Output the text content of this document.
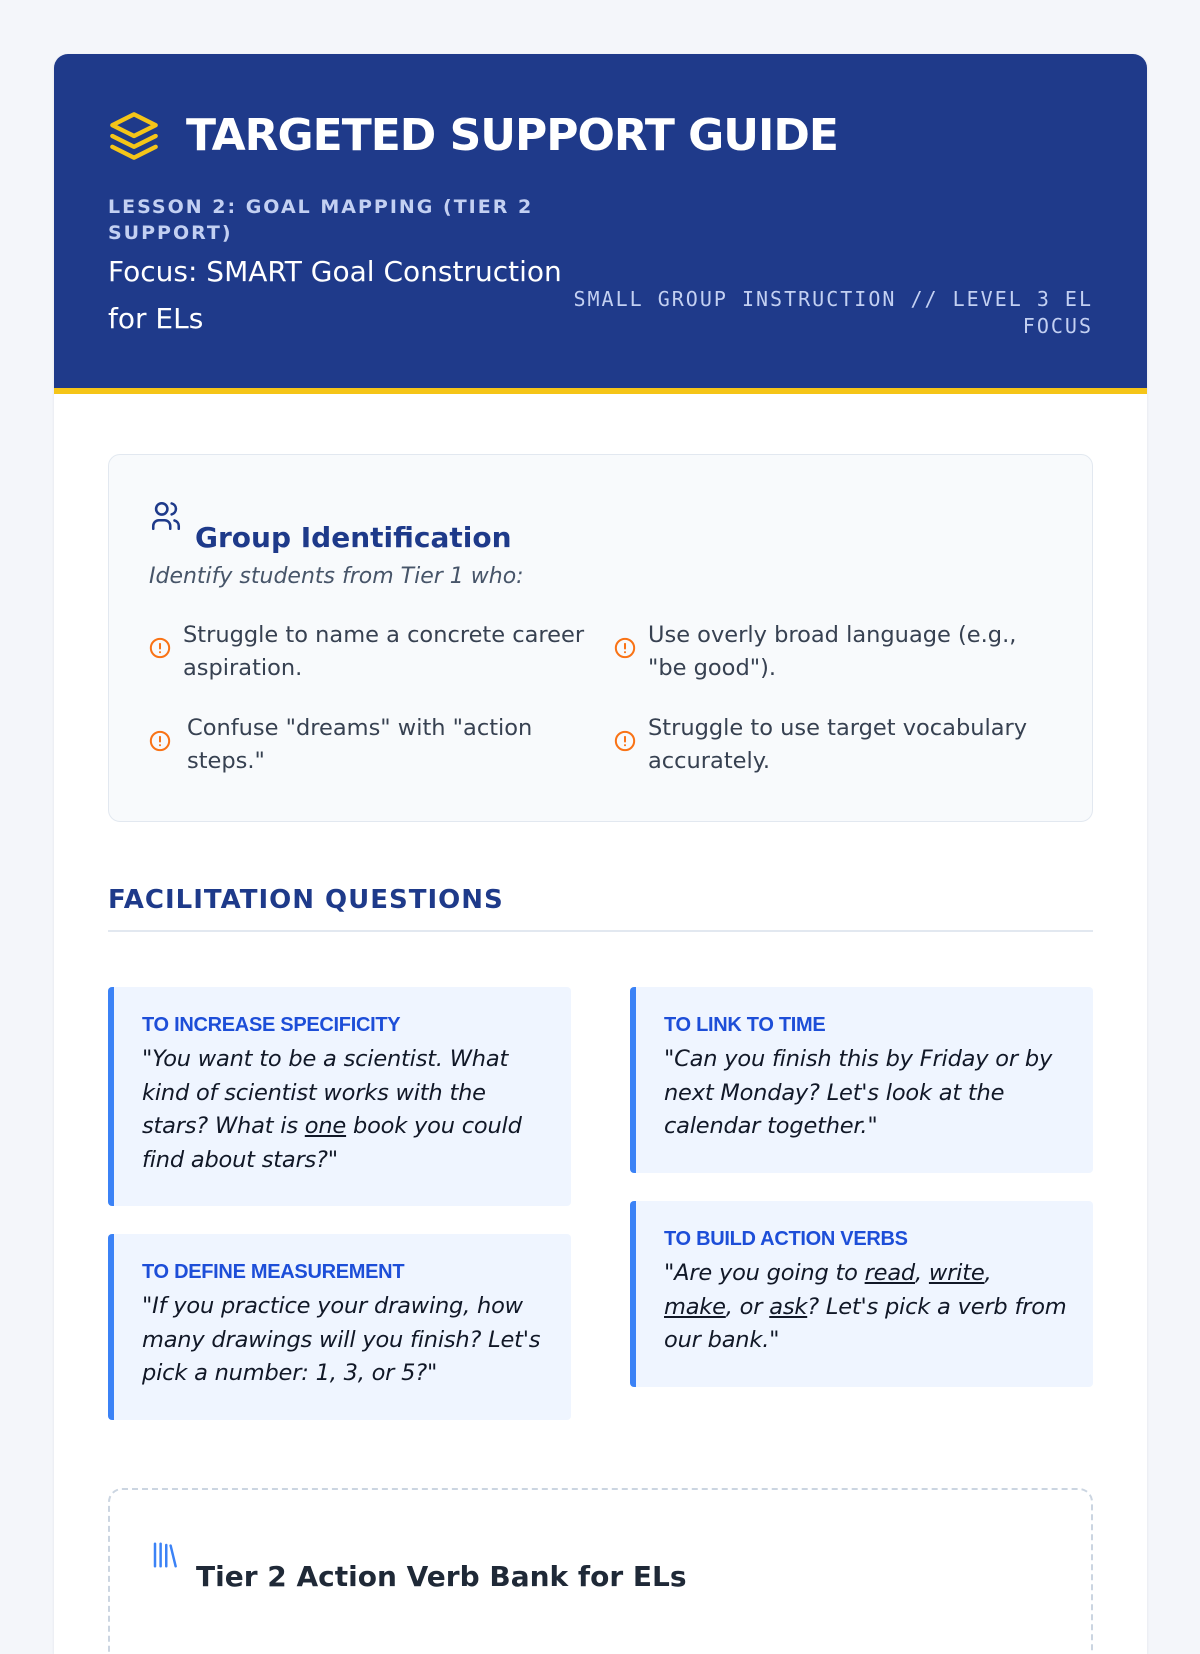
TARGETED SUPPORT GUIDE
LESSON 2: GOAL MAPPING (TIER 2 SUPPORT)
Focus: SMART Goal Construction for ELs
SMALL GROUP INSTRUCTION // LEVEL 3 EL FOCUS
Group Identification
Identify students from Tier 1 who:
Struggle to name a concrete career aspiration.
Use overly broad language (e.g., "be good").
Confuse "dreams" with "action steps."
Struggle to use target vocabulary accurately.
FACILITATION QUESTIONS
TO INCREASE SPECIFICITY
"You want to be a scientist. What kind of scientist works with the stars? What is one book you could find about stars?"
TO LINK TO TIME
"Can you finish this by Friday or by next Monday? Let's look at the calendar together."
TO DEFINE MEASUREMENT
"If you practice your drawing, how many drawings will you finish? Let's pick a number: 1, 3, or 5?"
TO BUILD ACTION VERBS
"Are you going to read, write, make, or ask? Let's pick a verb from our bank."
Tier 2 Action Verb Bank for ELs
